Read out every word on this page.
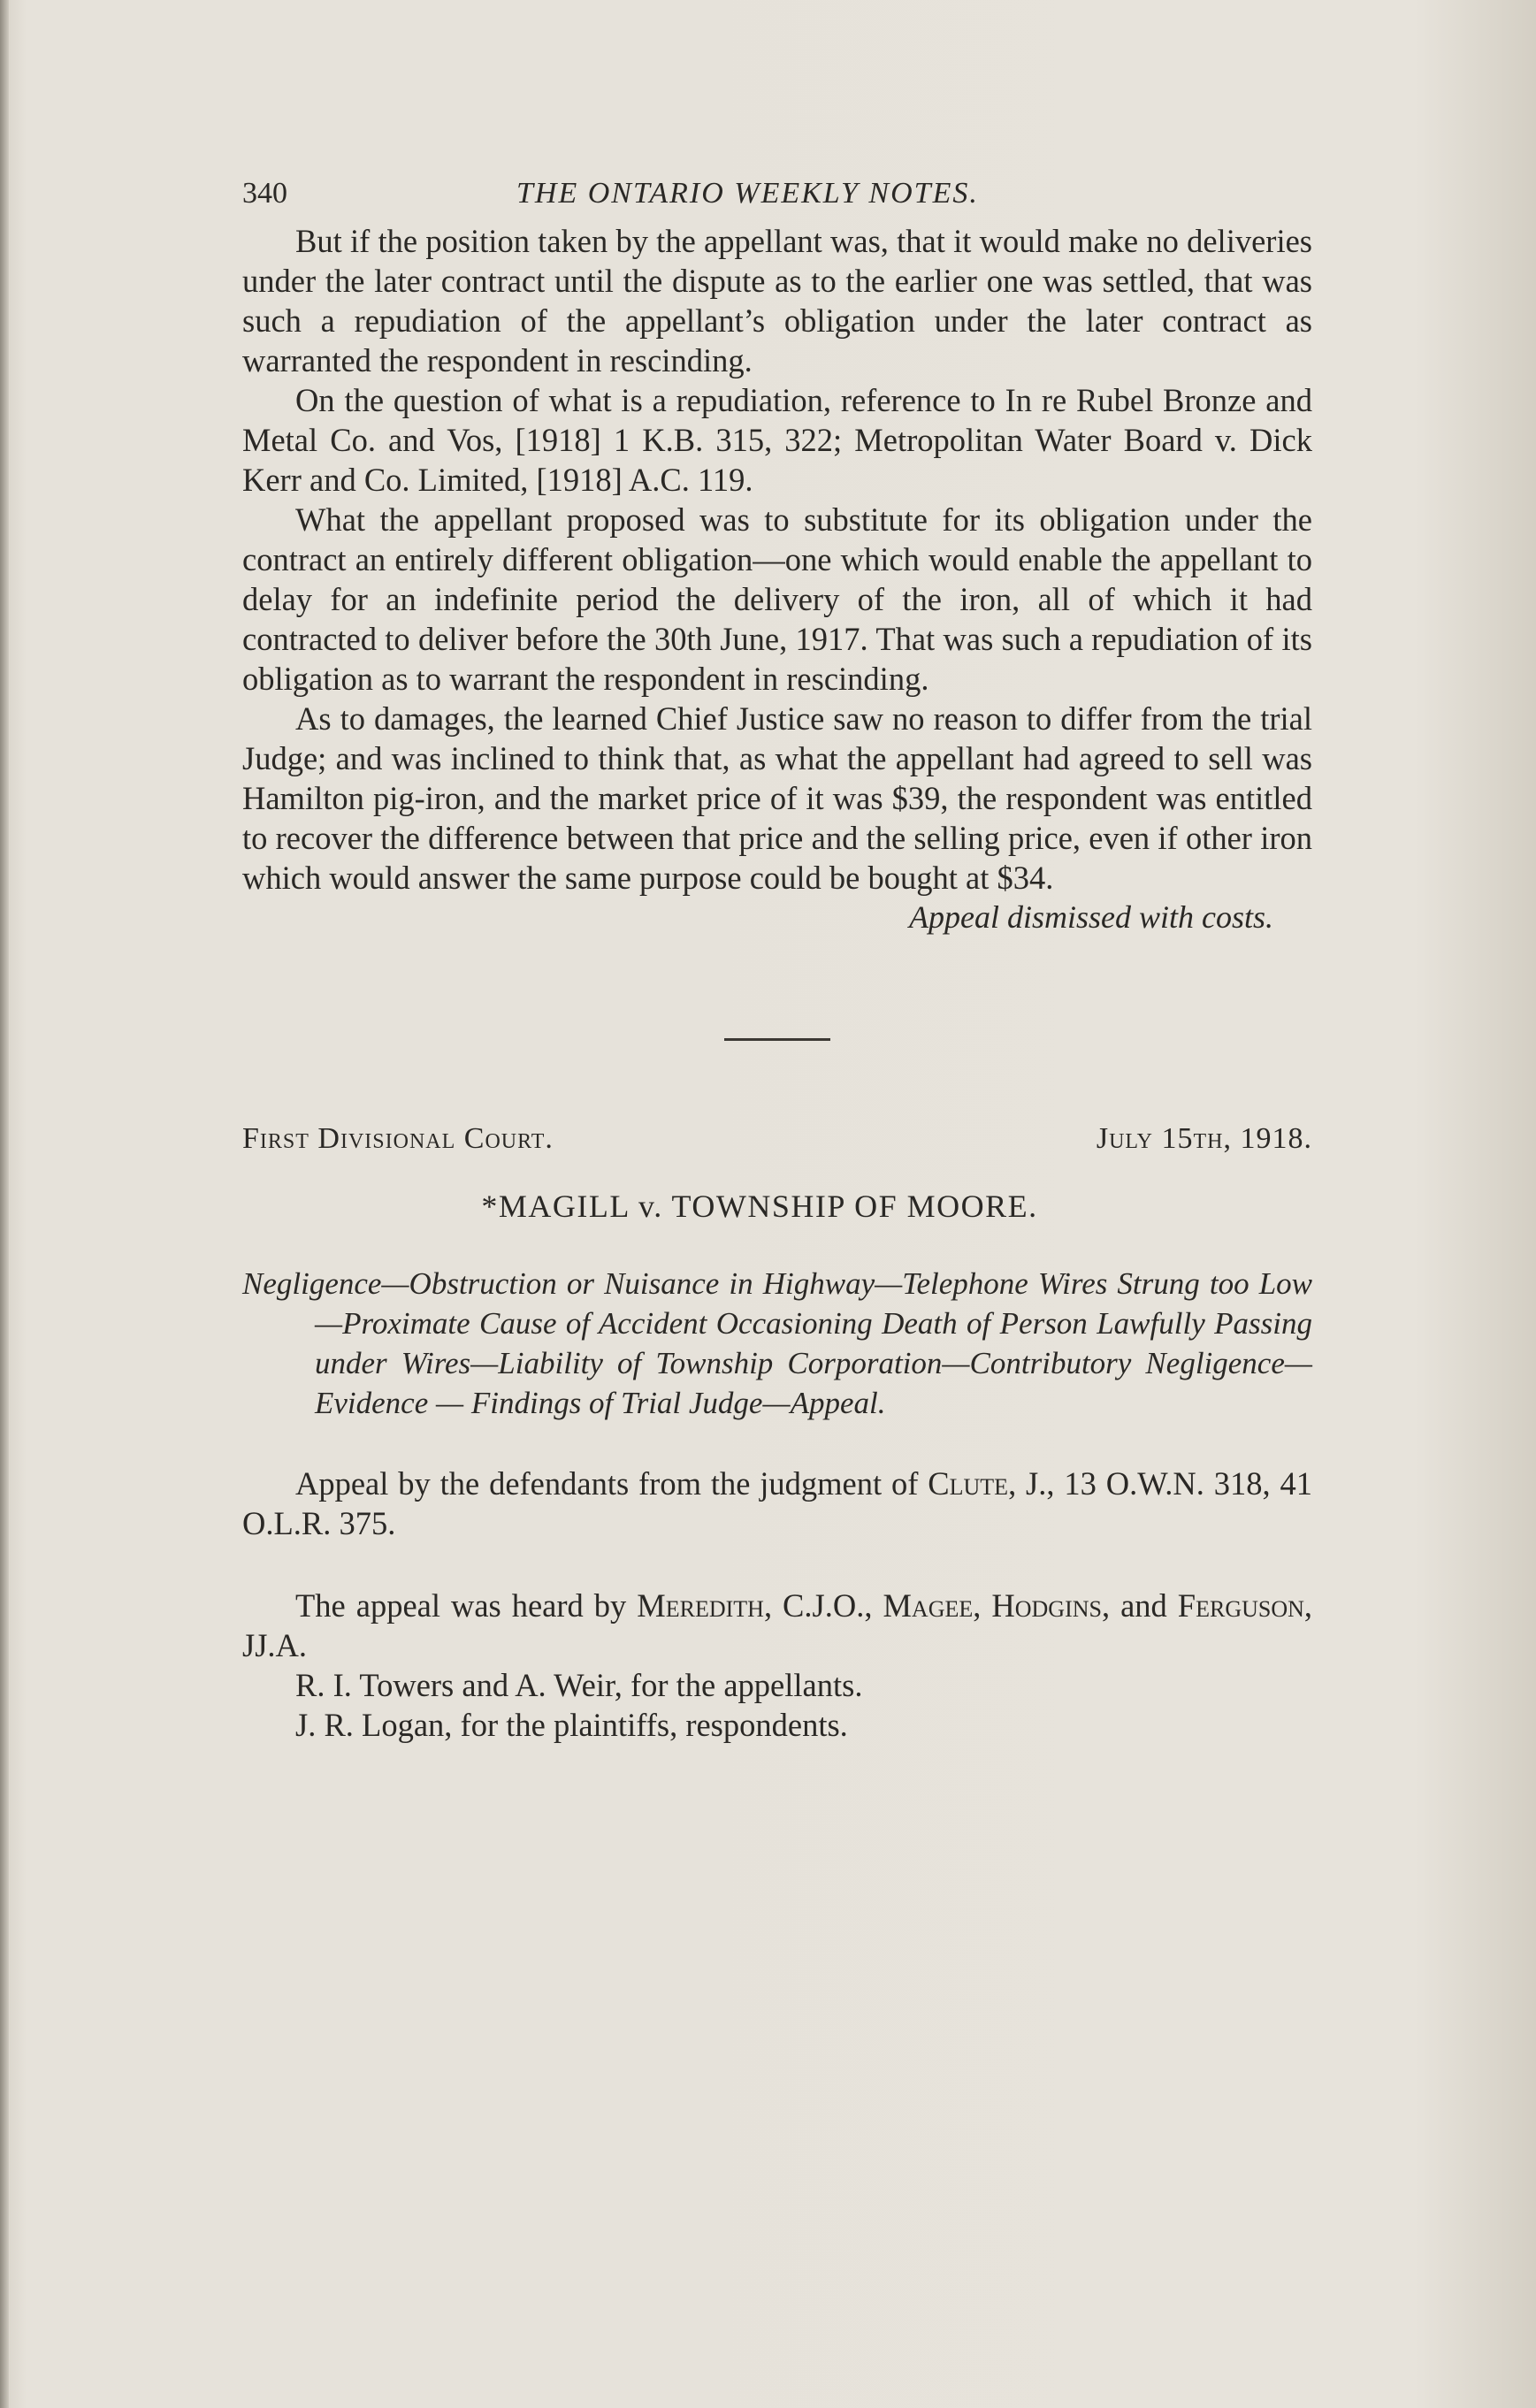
340	THE ONTARIO WEEKLY NOTES.

But if the position taken by the appellant was, that it would make no deliveries under the later contract until the dispute as to the earlier one was settled, that was such a repudiation of the appellant’s obligation under the later contract as warranted the respondent in rescinding.

On the question of what is a repudiation, reference to In re Rubel Bronze and Metal Co. and Vos, [1918] 1 K.B. 315, 322; Metropolitan Water Board v. Dick Kerr and Co. Limited, [1918] A.C. 119.

What the appellant proposed was to substitute for its obligation under the contract an entirely different obligation—one which would enable the appellant to delay for an indefinite period the delivery of the iron, all of which it had contracted to deliver before the 30th June, 1917. That was such a repudiation of its obligation as to warrant the respondent in rescinding.

As to damages, the learned Chief Justice saw no reason to differ from the trial Judge; and was inclined to think that, as what the appellant had agreed to sell was Hamilton pig-iron, and the market price of it was $39, the respondent was entitled to recover the difference between that price and the selling price, even if other iron which would answer the same purpose could be bought at $34.

Appeal dismissed with costs.
First Divisional Court.	July 15th, 1918.
*MAGILL v. TOWNSHIP OF MOORE.
Negligence—Obstruction or Nuisance in Highway—Telephone Wires Strung too Low—Proximate Cause of Accident Occasioning Death of Person Lawfully Passing under Wires—Liability of Township Corporation—Contributory Negligence—Evidence — Findings of Trial Judge—Appeal.

Appeal by the defendants from the judgment of Clute, J., 13 O.W.N. 318, 41 O.L.R. 375.

The appeal was heard by Meredith, C.J.O., Magee, Hodgins, and Ferguson, JJ.A.

R. I. Towers and A. Weir, for the appellants.

J. R. Logan, for the plaintiffs, respondents.
